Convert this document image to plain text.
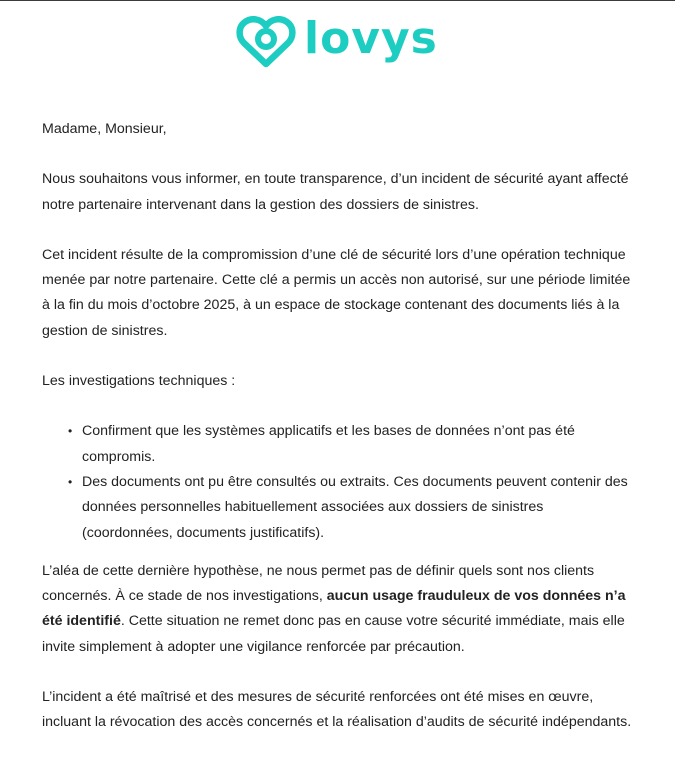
lovys

Madame, Monsieur,

Nous souhaitons vous informer, en toute transparence, d’un incident de sécurité ayant affecté notre partenaire intervenant dans la gestion des dossiers de sinistres.

Cet incident résulte de la compromission d’une clé de sécurité lors d’une opération technique menée par notre partenaire. Cette clé a permis un accès non autorisé, sur une période limitée à la fin du mois d’octobre 2025, à un espace de stockage contenant des documents liés à la gestion de sinistres.

Les investigations techniques :

• Confirment que les systèmes applicatifs et les bases de données n’ont pas été compromis.
• Des documents ont pu être consultés ou extraits. Ces documents peuvent contenir des données personnelles habituellement associées aux dossiers de sinistres (coordonnées, documents justificatifs).

L’aléa de cette dernière hypothèse, ne nous permet pas de définir quels sont nos clients concernés. À ce stade de nos investigations, aucun usage frauduleux de vos données n’a été identifié. Cette situation ne remet donc pas en cause votre sécurité immédiate, mais elle invite simplement à adopter une vigilance renforcée par précaution.

L’incident a été maîtrisé et des mesures de sécurité renforcées ont été mises en œuvre, incluant la révocation des accès concernés et la réalisation d’audits de sécurité indépendants.
